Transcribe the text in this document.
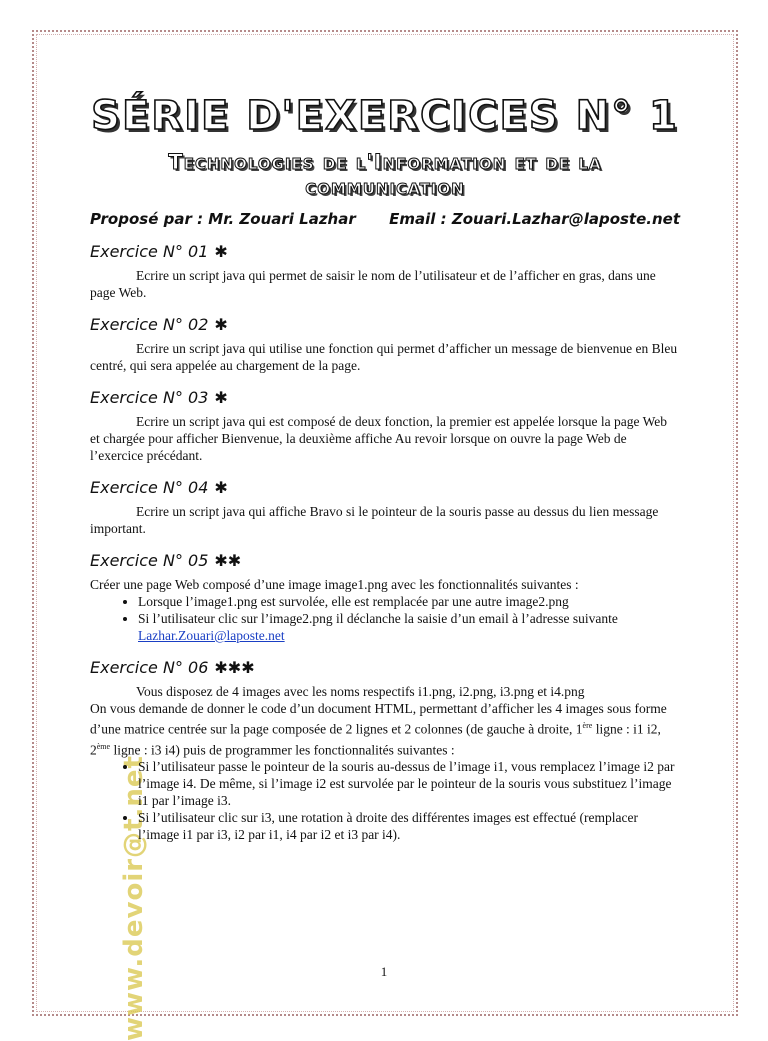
www.devoir@t.net
SÉRIE D'EXERCICES N° 1
Technologies de l'Information et de la communication
Proposé par : Mr. Zouari Lazhar Email : Zouari.Lazhar@laposte.net
Exercice N° 01 ✱

Ecrire un script java qui permet de saisir le nom de l’utilisateur et de l’afficher en gras, dans une page Web.

Exercice N° 02 ✱

Ecrire un script java qui utilise une fonction qui permet d’afficher un message de bienvenue en Bleu centré, qui sera appelée au chargement de la page.

Exercice N° 03 ✱

Ecrire un script java qui est composé de deux fonction, la premier est appelée lorsque la page Web et chargée pour afficher Bienvenue, la deuxième affiche Au revoir lorsque on ouvre la page Web de l’exercice précédant.

Exercice N° 04 ✱

Ecrire un script java qui affiche Bravo si le pointeur de la souris passe au dessus du lien message important.

Exercice N° 05 ✱✱

Créer une page Web composé d’une image image1.png avec les fonctionnalités suivantes :

• Lorsque l’image1.png est survolée, elle est remplacée par une autre image2.png
• Si l’utilisateur clic sur l’image2.png il déclanche la saisie d’un email à l’adresse suivante Lazhar.Zouari@laposte.net
Exercice N° 06 ✱✱✱

Vous disposez de 4 images avec les noms respectifs i1.png, i2.png, i3.png et i4.png

On vous demande de donner le code d’un document HTML, permettant d’afficher les 4 images sous forme d’une matrice centrée sur la page composée de 2 lignes et 2 colonnes (de gauche à droite, 1ère ligne : i1 i2, 2ème ligne : i3 i4) puis de programmer les fonctionnalités suivantes :

• Si l’utilisateur passe le pointeur de la souris au-dessus de l’image i1, vous remplacez l’image i2 par l’image i4. De même, si l’image i2 est survolée par le pointeur de la souris vous substituez l’image i1 par l’image i3.
• Si l’utilisateur clic sur i3, une rotation à droite des différentes images est effectué (remplacer l’image i1 par i3, i2 par i1, i4 par i2 et i3 par i4).
1
